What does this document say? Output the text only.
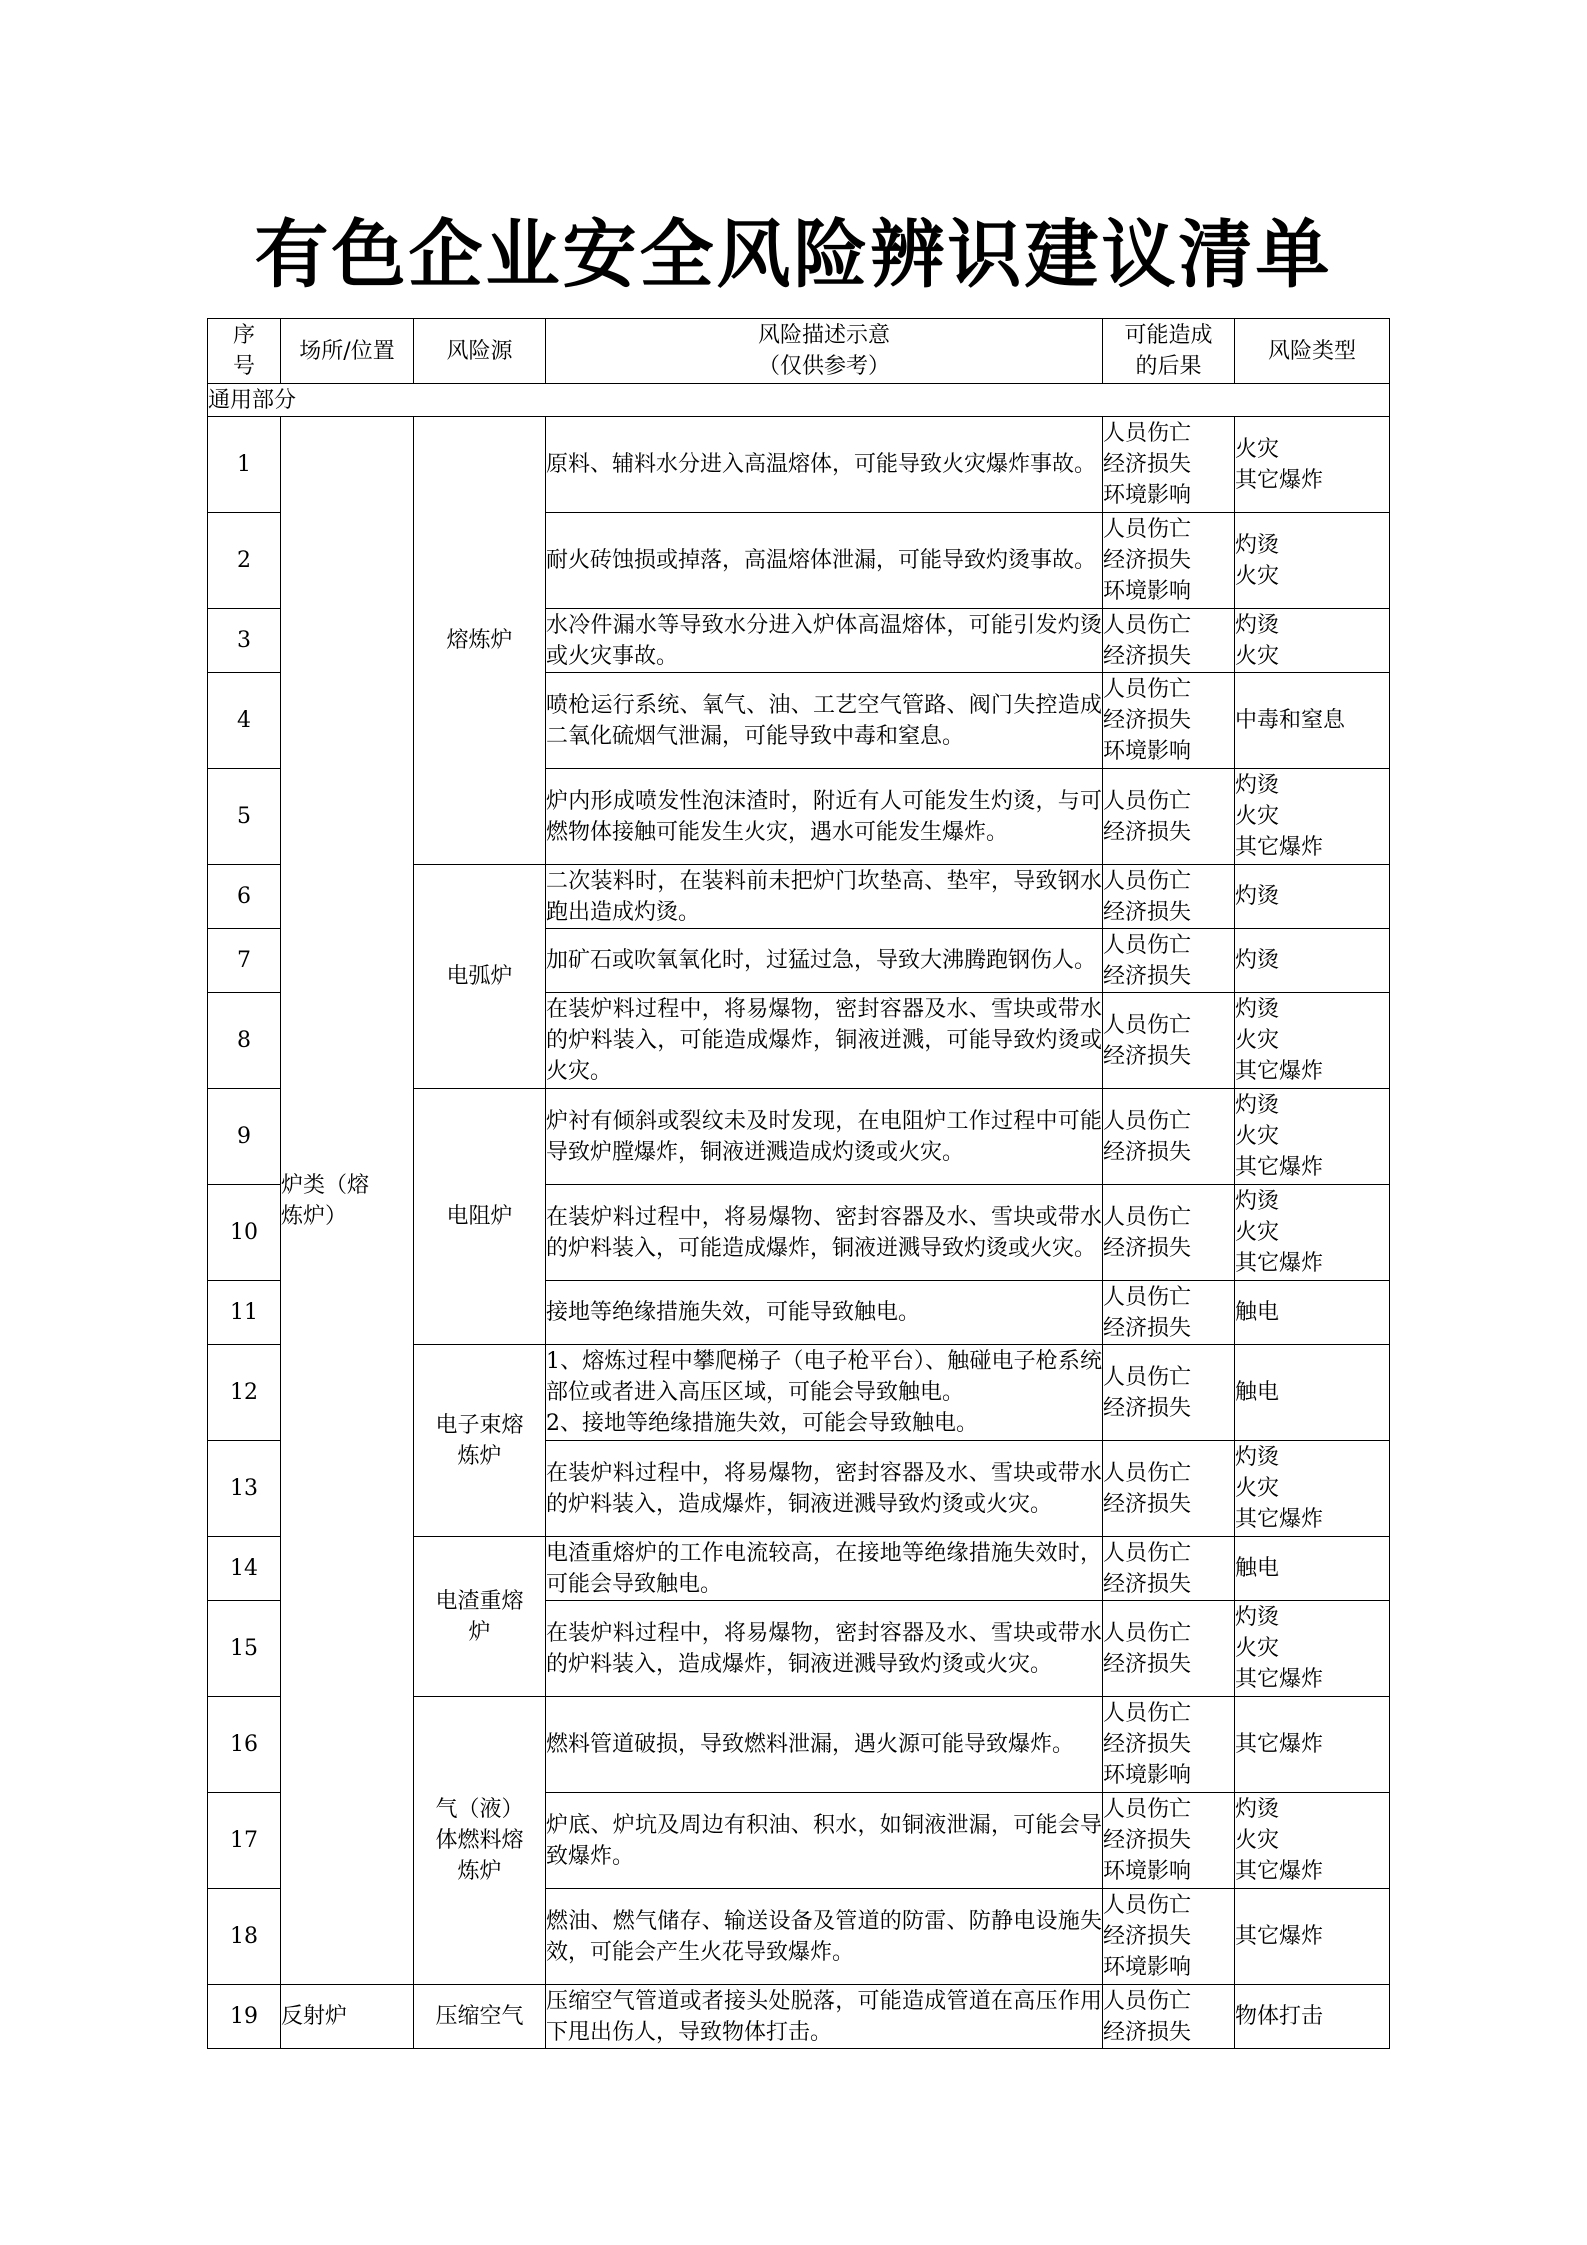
有色企业安全风险辨识建议清单
序
号	场所/位置	风险源	风险描述示意
（仅供参考）	可能造成
的后果	风险类型
通用部分					
1	炉类（熔
炼炉）	熔炼炉	原料、辅料水分进入高温熔体，可能导致火灾爆炸事故。	人员伤亡
经济损失
环境影响	火灾
其它爆炸
2			耐火砖蚀损或掉落，高温熔体泄漏，可能导致灼烫事故。	人员伤亡
经济损失
环境影响	灼烫
火灾
3			水冷件漏水等导致水分进入炉体高温熔体，可能引发灼烫或火灾事故。	人员伤亡
经济损失	灼烫
火灾
4			喷枪运行系统、氧气、油、工艺空气管路、阀门失控造成二氧化硫烟气泄漏，可能导致中毒和窒息。	人员伤亡
经济损失
环境影响	中毒和窒息
5			炉内形成喷发性泡沫渣时，附近有人可能发生灼烫，与可燃物体接触可能发生火灾，遇水可能发生爆炸。	人员伤亡
经济损失	灼烫
火灾
其它爆炸
6		电弧炉	二次装料时，在装料前未把炉门坎垫高、垫牢，导致钢水跑出造成灼烫。	人员伤亡
经济损失	灼烫
7			加矿石或吹氧氧化时，过猛过急，导致大沸腾跑钢伤人。	人员伤亡
经济损失	灼烫
8			在装炉料过程中，将易爆物，密封容器及水、雪块或带水的炉料装入，可能造成爆炸，铜液迸溅，可能导致灼烫或火灾。	人员伤亡
经济损失	灼烫
火灾
其它爆炸
9		电阻炉	炉衬有倾斜或裂纹未及时发现，在电阻炉工作过程中可能导致炉膛爆炸，铜液迸溅造成灼烫或火灾。	人员伤亡
经济损失	灼烫
火灾
其它爆炸
10			在装炉料过程中，将易爆物、密封容器及水、雪块或带水的炉料装入，可能造成爆炸，铜液迸溅导致灼烫或火灾。	人员伤亡
经济损失	灼烫
火灾
其它爆炸
11			接地等绝缘措施失效，可能导致触电。	人员伤亡
经济损失	触电
12		电子束熔
炼炉	1、熔炼过程中攀爬梯子（电子枪平台）、触碰电子枪系统部位或者进入高压区域，可能会导致触电。
2、接地等绝缘措施失效，可能会导致触电。	人员伤亡
经济损失	触电
13			在装炉料过程中，将易爆物，密封容器及水、雪块或带水的炉料装入，造成爆炸，铜液迸溅导致灼烫或火灾。	人员伤亡
经济损失	灼烫
火灾
其它爆炸
14		电渣重熔
炉	电渣重熔炉的工作电流较高，在接地等绝缘措施失效时，可能会导致触电。	人员伤亡
经济损失	触电
15			在装炉料过程中，将易爆物，密封容器及水、雪块或带水的炉料装入，造成爆炸，铜液迸溅导致灼烫或火灾。	人员伤亡
经济损失	灼烫
火灾
其它爆炸
16		气（液）
体燃料熔
炼炉	燃料管道破损，导致燃料泄漏，遇火源可能导致爆炸。	人员伤亡
经济损失
环境影响	其它爆炸
17			炉底、炉坑及周边有积油、积水，如铜液泄漏，可能会导致爆炸。	人员伤亡
经济损失
环境影响	灼烫
火灾
其它爆炸
18			燃油、燃气储存、输送设备及管道的防雷、防静电设施失效，可能会产生火花导致爆炸。	人员伤亡
经济损失
环境影响	其它爆炸
19	反射炉	压缩空气	压缩空气管道或者接头处脱落，可能造成管道在高压作用下甩出伤人，导致物体打击。	人员伤亡
经济损失	物体打击
